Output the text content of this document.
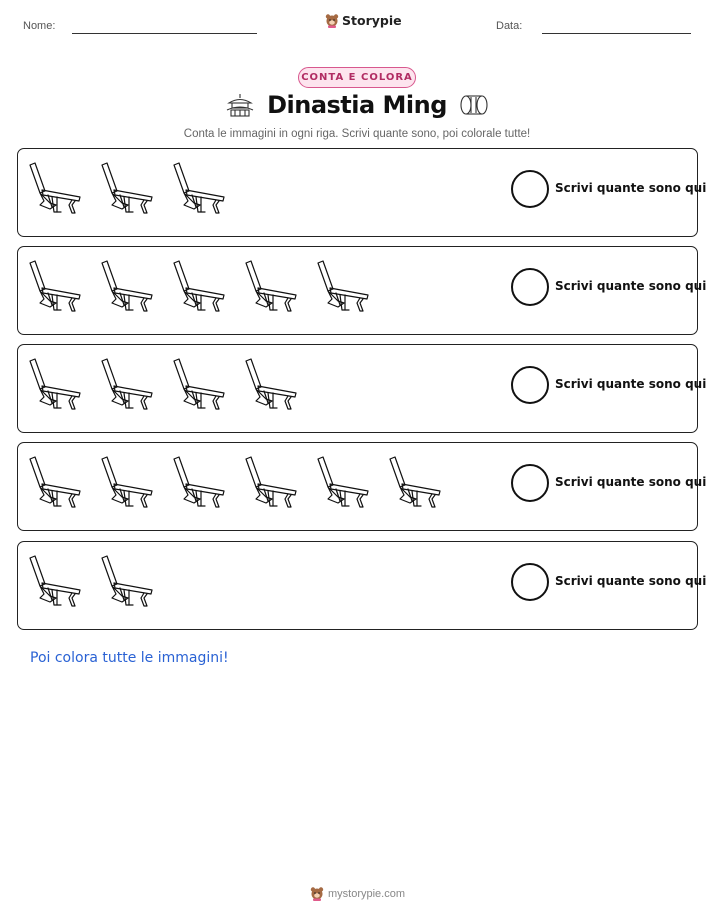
Nome:	Storypie	Data:
CONTA E COLORA
Dinastia Ming

Conta le immagini in ogni riga. Scrivi quante sono, poi colorale tutte!

Scrivi quante sono qui
Scrivi quante sono qui
Scrivi quante sono qui
Scrivi quante sono qui
Scrivi quante sono qui

Poi colora tutte le immagini!

mystorypie.com
